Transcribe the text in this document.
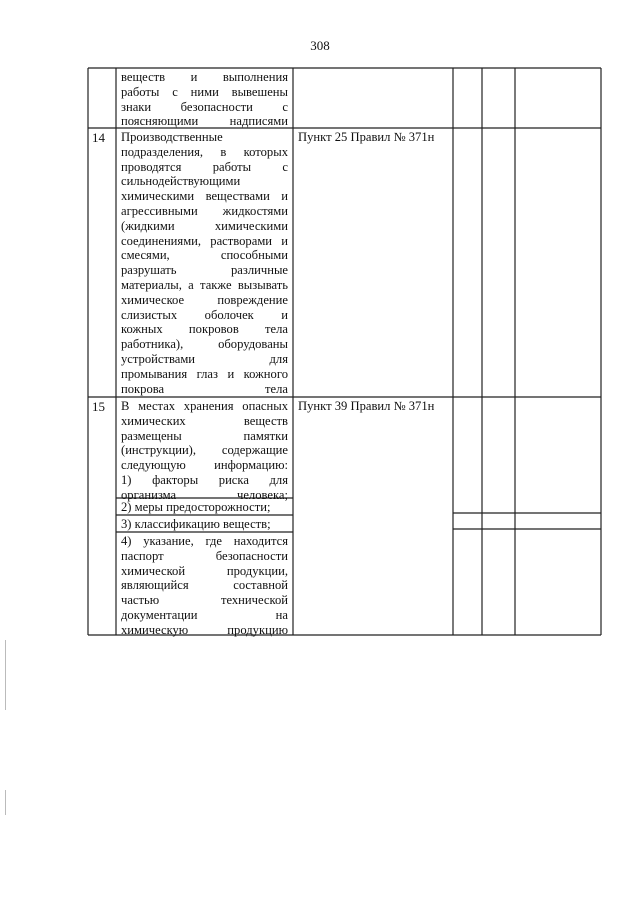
308
веществ и выполнения
работы с ними вывешены
знаки безопасности с
поясняющими надписями
14 Производственные
подразделения, в которых
проводятся работы с
сильнодействующими
химическими веществами и
агрессивными жидкостями
(жидкими химическими
соединениями, растворами и
смесями, способными
разрушать различные
материалы, а также вызывать
химическое повреждение
слизистых оболочек и
кожных покровов тела
работника), оборудованы
устройствами для
промывания глаз и кожного
покрова тела
Пункт 25 Правил № 371н
15 В местах хранения опасных
химических веществ
размещены памятки
(инструкции), содержащие
следующую информацию:
1) факторы риска для
организма человека;
Пункт 39 Правил № 371н
2) меры предосторожности;
3) классификацию веществ;
4) указание, где находится
паспорт безопасности
химической продукции,
являющийся составной
частью технической
документации на
химическую продукцию
